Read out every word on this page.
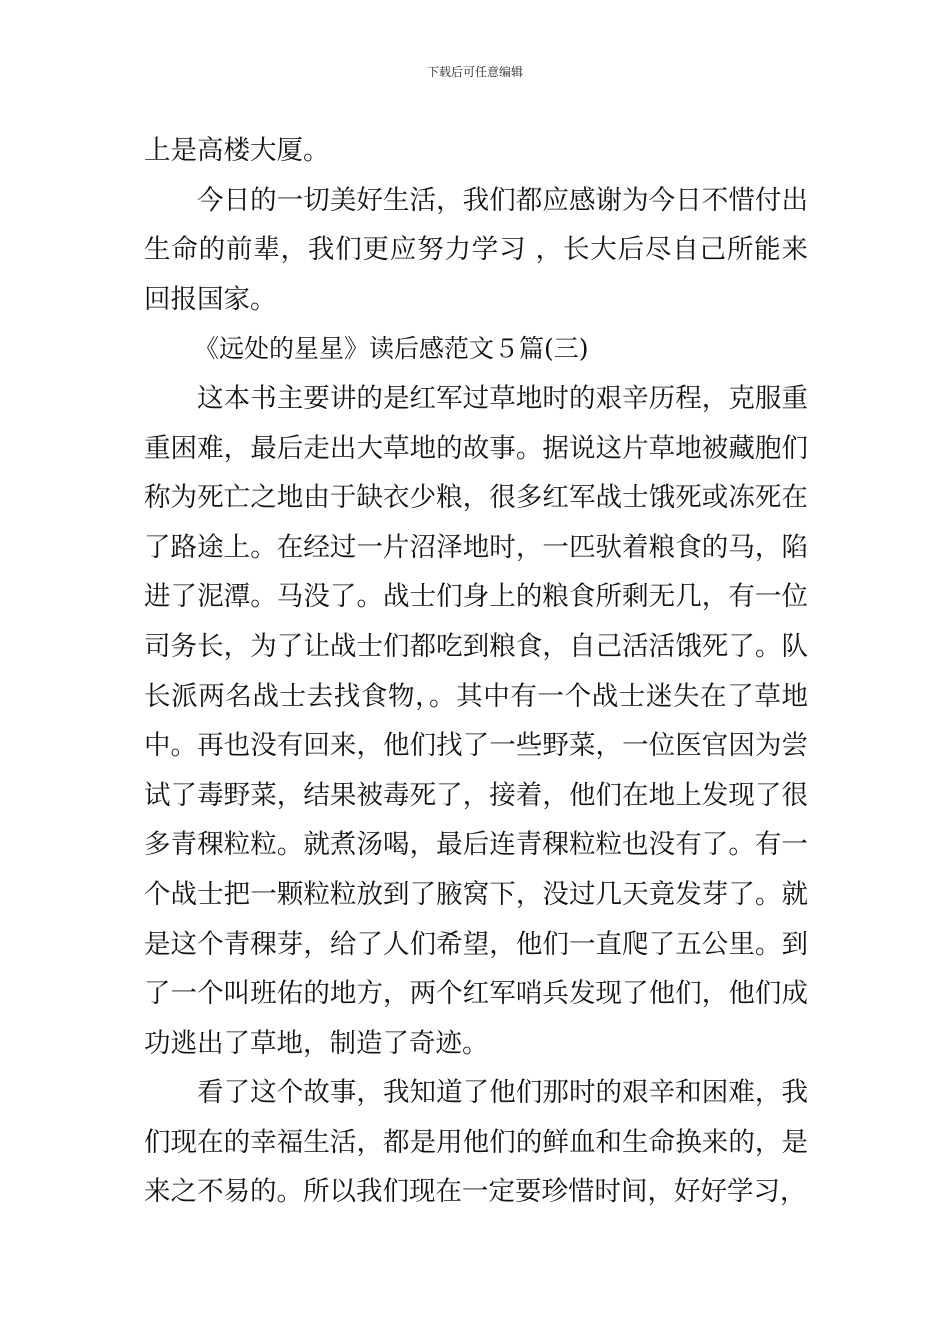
下载后可任意编辑

上是高楼大厦。

今日的一切美好生活，我们都应感谢为今日不惜付出生命的前辈，我们更应努力学习 ，长大后尽自己所能来回报国家。

《远处的星星》读后感范文５篇(三)

这本书主要讲的是红军过草地时的艰辛历程，克服重重困难，最后走出大草地的故事。据说这片草地被藏胞们称为死亡之地由于缺衣少粮，很多红军战士饿死或冻死在了路途上。在经过一片沼泽地时，一匹驮着粮食的马，陷进了泥潭。马没了。战士们身上的粮食所剩无几，有一位司务长，为了让战士们都吃到粮食，自己活活饿死了。队长派两名战士去找食物，。其中有一个战士迷失在了草地中。再也没有回来，他们找了一些野菜，一位医官因为尝试了毒野菜，结果被毒死了，接着，他们在地上发现了很多青稞粒粒。就煮汤喝，最后连青稞粒粒也没有了。有一个战士把一颗粒粒放到了腋窝下，没过几天竟发芽了。就是这个青稞芽，给了人们希望，他们一直爬了五公里。到了一个叫班佑的地方，两个红军哨兵发现了他们，他们成功逃出了草地，制造了奇迹。

看了这个故事，我知道了他们那时的艰辛和困难，我们现在的幸福生活，都是用他们的鲜血和生命换来的，是来之不易的。所以我们现在一定要珍惜时间，好好学习，
